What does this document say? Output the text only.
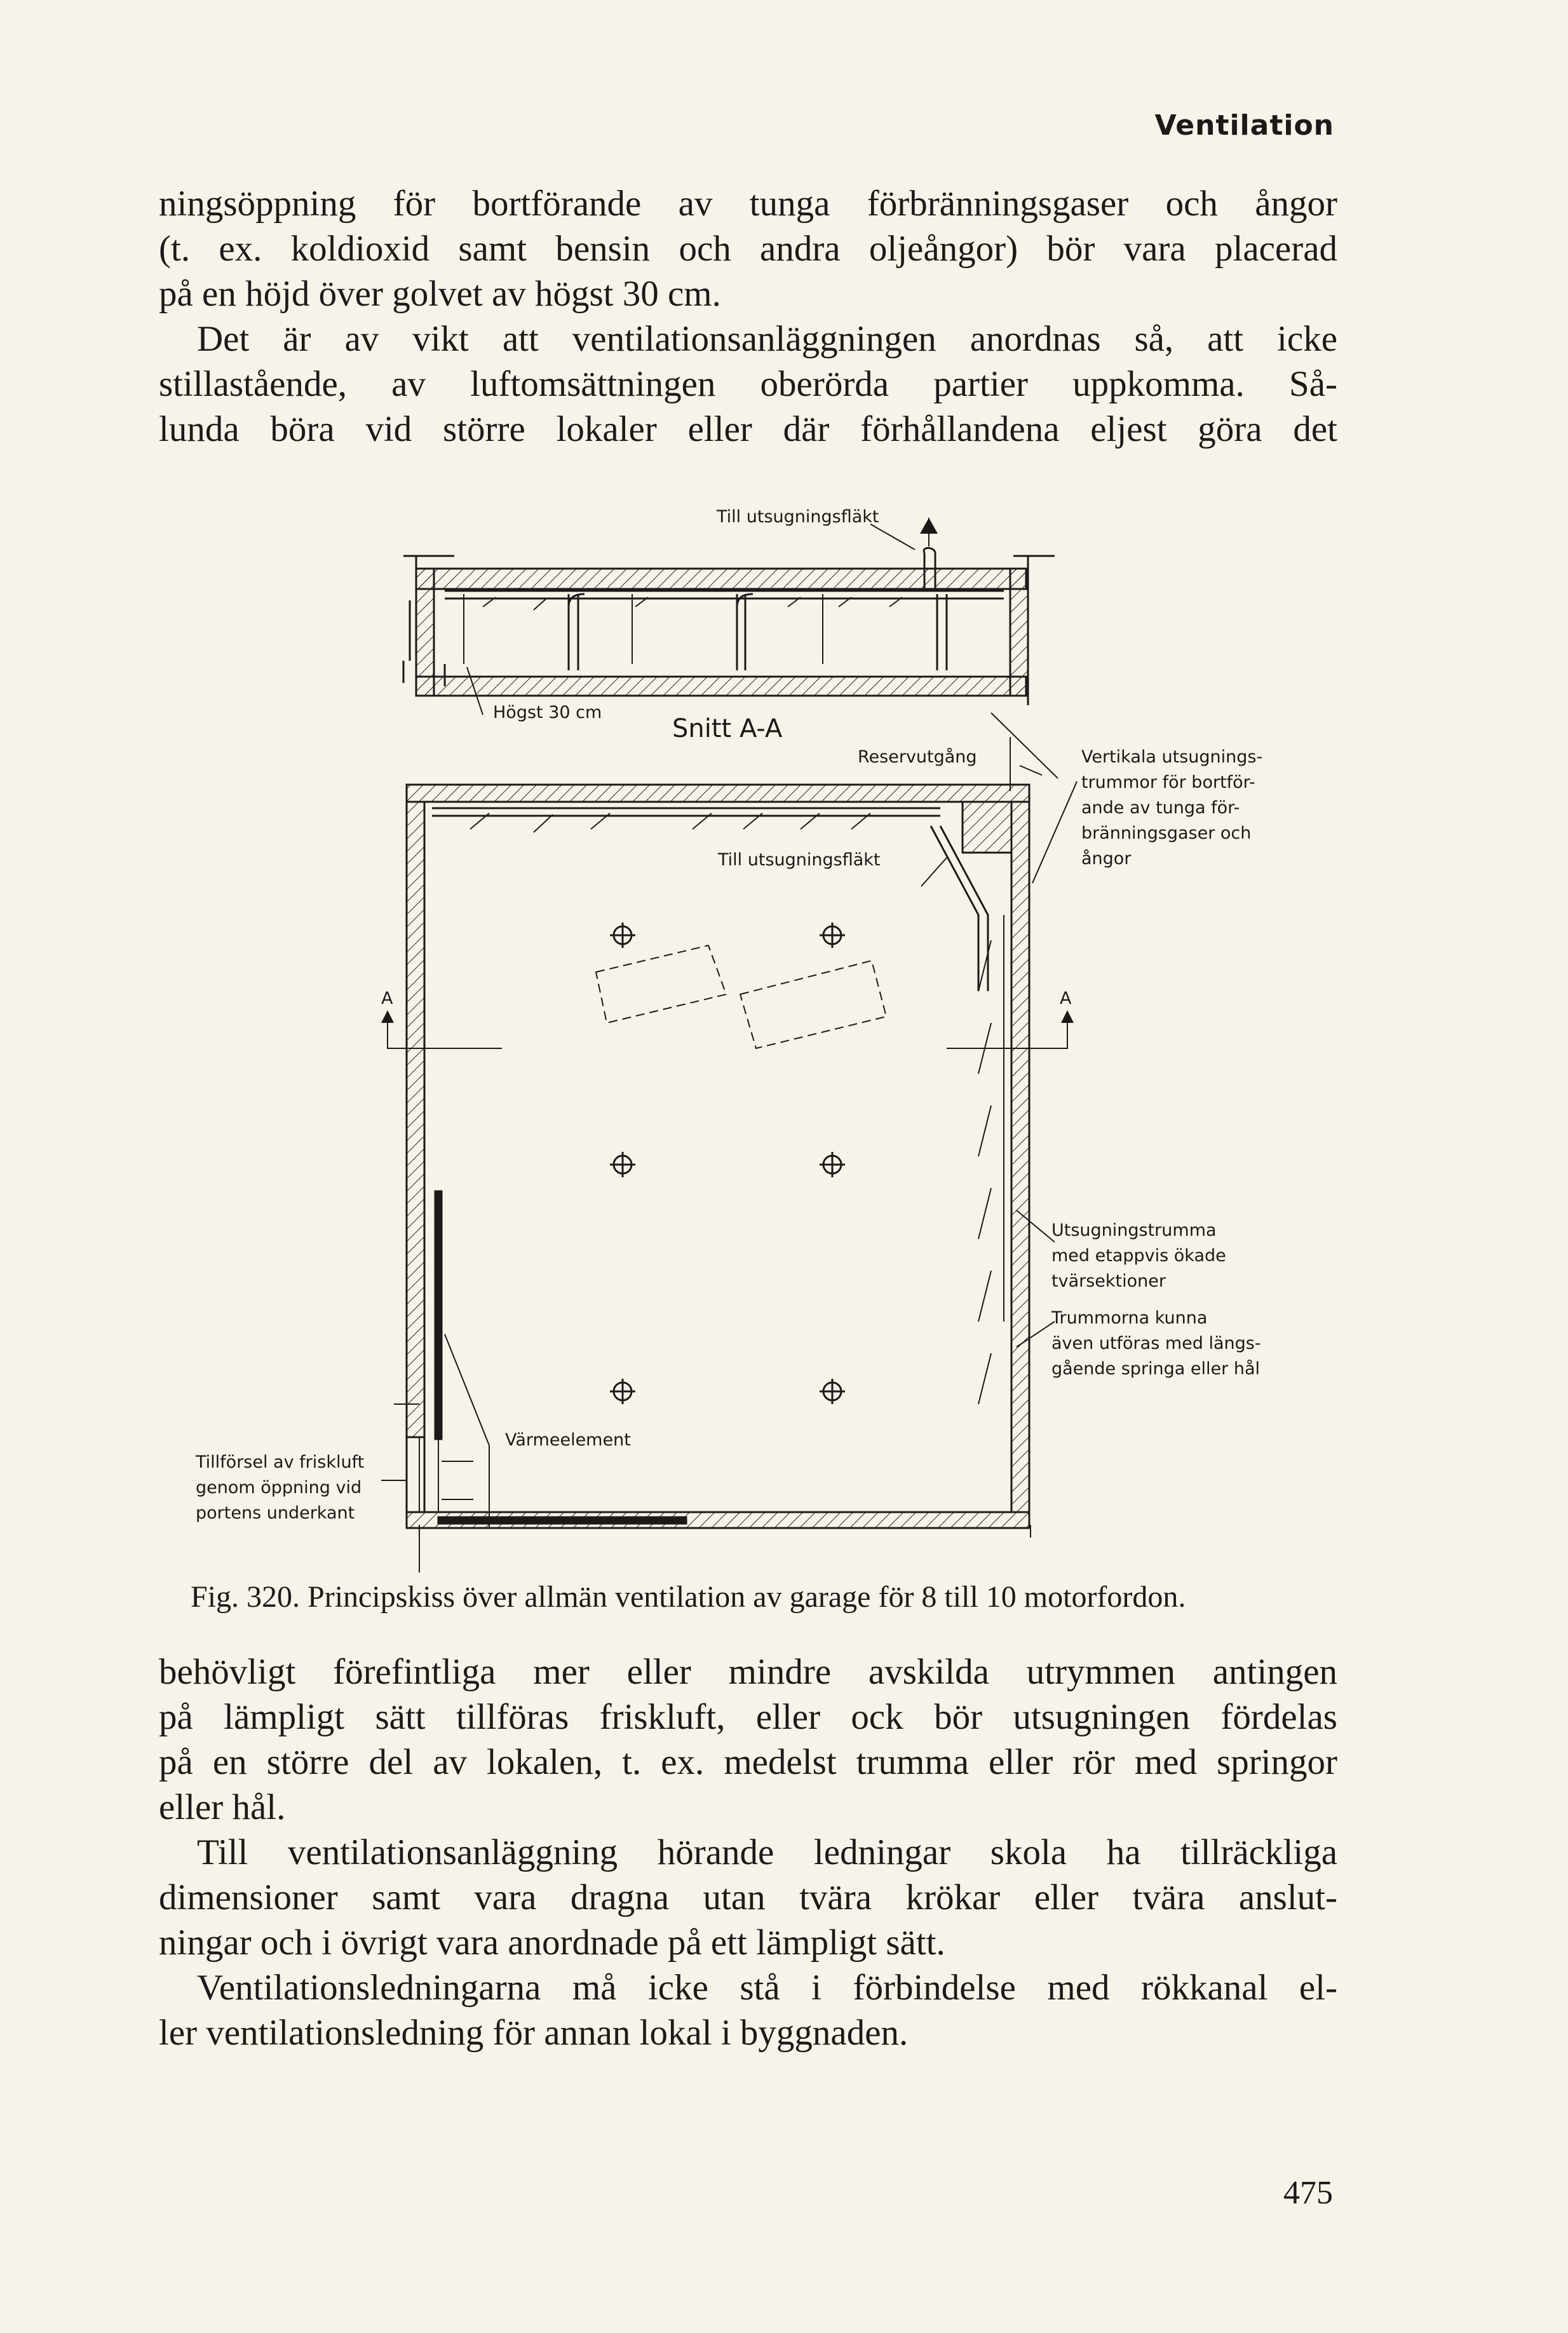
Ventilation
ningsöppning för bortförande av tunga förbränningsgaser och ångor
(t. ex. koldioxid samt bensin och andra oljeångor) bör vara placerad
på en höjd över golvet av högst 30 cm.
Det är av vikt att ventilationsanläggningen anordnas så, att icke
stillastående, av luftomsättningen oberörda partier uppkomma. Så-
lunda böra vid större lokaler eller där förhållandena eljest göra det
Till utsugningsfläkt
Högst 30 cm
Snitt A-A
Reservutgång
Till utsugningsfläkt
A	A
Värmeelement
Vertikala utsugnings-
trummor för bortför-
ande av tunga för-
bränningsgaser och
ångor
Utsugningstrumma
med etappvis ökade
tvärsektioner
Trummorna kunna
även utföras med längs-
gående springa eller hål
Tillförsel av friskluft
genom öppning vid
portens underkant
Fig. 320. Principskiss över allmän ventilation av garage för 8 till 10 motorfordon.
behövligt förefintliga mer eller mindre avskilda utrymmen antingen
på lämpligt sätt tillföras friskluft, eller ock bör utsugningen fördelas
på en större del av lokalen, t. ex. medelst trumma eller rör med springor
eller hål.
Till ventilationsanläggning hörande ledningar skola ha tillräckliga
dimensioner samt vara dragna utan tvära krökar eller tvära anslut-
ningar och i övrigt vara anordnade på ett lämpligt sätt.
Ventilationsledningarna må icke stå i förbindelse med rökkanal el-
ler ventilationsledning för annan lokal i byggnaden.
475
